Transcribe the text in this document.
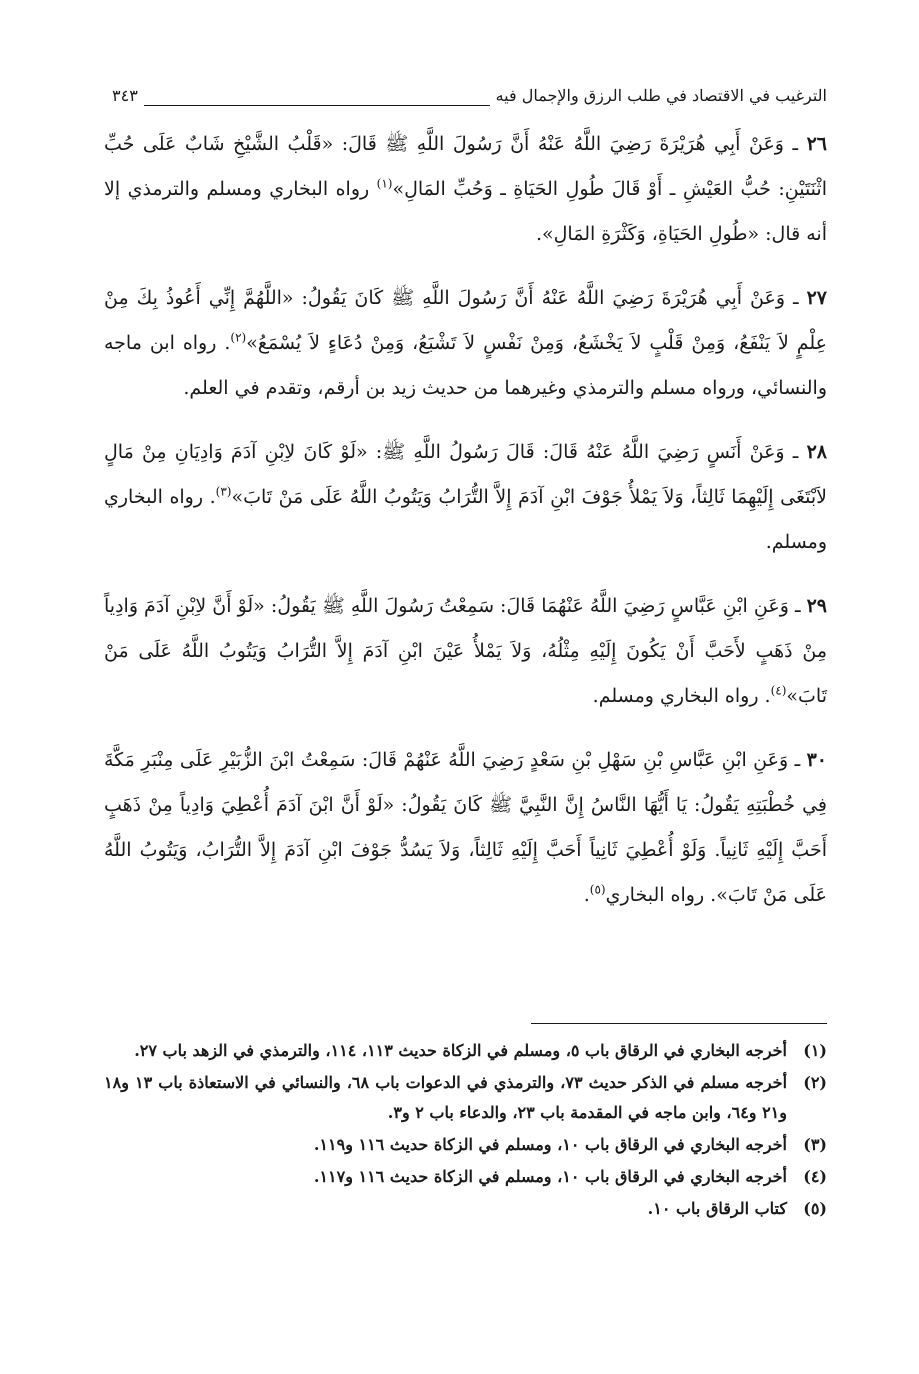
الترغيب في الاقتصاد في طلب الرزق والإجمال فيه
٣٤٣

٢٦ ـ وَعَنْ أَبِي هُرَيْرَةَ رَضِيَ اللَّهُ عَنْهُ أَنَّ رَسُولَ اللَّهِ ﷺ قَالَ: «قَلْبُ الشَّيْخِ شَابٌ عَلَى حُبِّ اثْنَتَيْنِ: حُبُّ العَيْشِ ـ أَوْ قَالَ طُولِ الحَيَاةِ ـ وَحُبِّ المَالِ»$^{(١)}$ رواه البخاري ومسلم والترمذي إلا أنه قال: «طُولِ الحَيَاةِ، وَكَثْرَةِ المَالِ».

٢٧ ـ وَعَنْ أَبِي هُرَيْرَةَ رَضِيَ اللَّهُ عَنْهُ أَنَّ رَسُولَ اللَّهِ ﷺ كَانَ يَقُولُ: «اللَّهُمَّ إِنِّي أَعُوذُ بِكَ مِنْ عِلْمٍ لاَ يَنْفَعُ، وَمِنْ قَلْبٍ لاَ يَخْشَعُ، وَمِنْ نَفْسٍ لاَ تَشْبَعُ، وَمِنْ دُعَاءٍ لاَ يُسْمَعُ»$^{(٢)}$. رواه ابن ماجه والنسائي، ورواه مسلم والترمذي وغيرهما من حديث زيد بن أرقم، وتقدم في العلم.

٢٨ ـ وَعَنْ أَنَسٍ رَضِيَ اللَّهُ عَنْهُ قَالَ: قَالَ رَسُولُ اللَّهِ ﷺ: «لَوْ كَانَ لاِبْنِ آدَمَ وَادِيَانِ مِنْ مَالٍ لاَبْتَغَى إِلَيْهِمَا ثَالِثاً، وَلاَ يَمْلأُ جَوْفَ ابْنِ آدَمَ إِلاَّ التُّرَابُ وَيَتُوبُ اللَّهُ عَلَى مَنْ تَابَ»$^{(٣)}$. رواه البخاري ومسلم.

٢٩ ـ وَعَنِ ابْنِ عَبَّاسٍ رَضِيَ اللَّهُ عَنْهُمَا قَالَ: سَمِعْتُ رَسُولَ اللَّهِ ﷺ يَقُولُ: «لَوْ أَنَّ لاِبْنِ آدَمَ وَادِياً مِنْ ذَهَبٍ لأَحَبَّ أَنْ يَكُونَ إِلَيْهِ مِثْلُهُ، وَلاَ يَمْلأُ عَيْنَ ابْنِ آدَمَ إِلاَّ التُّرَابُ وَيَتُوبُ اللَّهُ عَلَى مَنْ تَابَ»$^{(٤)}$. رواه البخاري ومسلم.

٣٠ ـ وَعَنِ ابْنِ عَبَّاسِ بْنِ سَهْلِ بْنِ سَعْدٍ رَضِيَ اللَّهُ عَنْهُمْ قَالَ: سَمِعْتُ ابْنَ الزُّبَيْرِ عَلَى مِنْبَرِ مَكَّةَ فِي خُطْبَتِهِ يَقُولُ: يَا أَيُّهَا النَّاسُ إِنَّ النَّبِيَّ ﷺ كَانَ يَقُولُ: «لَوْ أَنَّ ابْنَ آدَمَ أُعْطِيَ وَادِياً مِنْ ذَهَبٍ أَحَبَّ إِلَيْهِ ثَانِياً. وَلَوْ أُعْطِيَ ثَانِياً أَحَبَّ إِلَيْهِ ثَالِثاً، وَلاَ يَسُدُّ جَوْفَ ابْنِ آدَمَ إِلاَّ التُّرَابُ، وَيَتُوبُ اللَّهُ عَلَى مَنْ تَابَ». رواه البخاري$^{(٥)}$.

(١)
أخرجه البخاري في الرقاق باب ٥، ومسلم في الزكاة حديث ١١٣، ١١٤، والترمذي في الزهد باب ٢٧.
(٢)
أخرجه مسلم في الذكر حديث ٧٣، والترمذي في الدعوات باب ٦٨، والنسائي في الاستعاذة باب ١٣ و١٨ و٢١ و٦٤، وابن ماجه في المقدمة باب ٢٣، والدعاء باب ٢ و٣.
(٣)
أخرجه البخاري في الرقاق باب ١٠، ومسلم في الزكاة حديث ١١٦ و١١٩.
(٤)
أخرجه البخاري في الرقاق باب ١٠، ومسلم في الزكاة حديث ١١٦ و١١٧.
(٥)
كتاب الرقاق باب ١٠.
